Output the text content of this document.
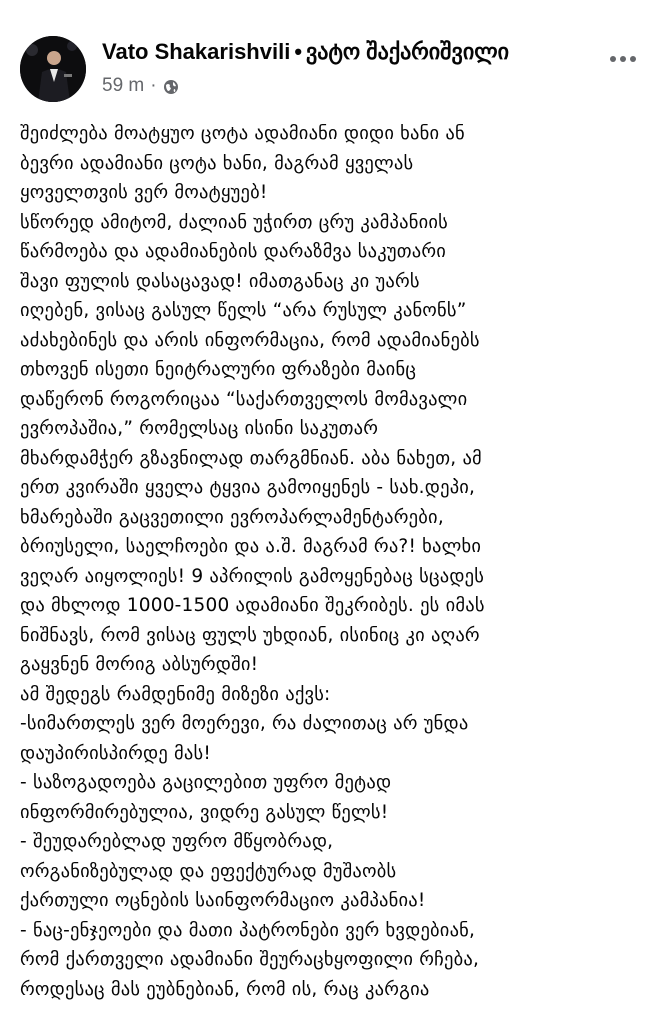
Vato Shakarishvili • ვატო შაქარიშვილი
59 m ·
შეიძლება მოატყუო ცოტა ადამიანი დიდი ხანი ან
ბევრი ადამიანი ცოტა ხანი, მაგრამ ყველას
ყოველთვის ვერ მოატყუებ!
სწორედ ამიტომ, ძალიან უჭირთ ცრუ კამპანიის
წარმოება და ადამიანების დარაზმვა საკუთარი
შავი ფულის დასაცავად! იმათგანაც კი უარს
იღებენ, ვისაც გასულ წელს “არა რუსულ კანონს”
აძახებინეს და არის ინფორმაცია, რომ ადამიანებს
თხოვენ ისეთი ნეიტრალური ფრაზები მაინც
დაწერონ როგორიცაა “საქართველოს მომავალი
ევროპაშია,” რომელსაც ისინი საკუთარ
მხარდამჭერ გზავნილად თარგმნიან. აბა ნახეთ, ამ
ერთ კვირაში ყველა ტყვია გამოიყენეს - სახ.დეპი,
ხმარებაში გაცვეთილი ევროპარლამენტარები,
ბრიუსელი, საელჩოები და ა.შ. მაგრამ რა?! ხალხი
ვეღარ აიყოლიეს! 9 აპრილის გამოყენებაც სცადეს
და მხლოდ 1000-1500 ადამიანი შეკრიბეს. ეს იმას
ნიშნავს, რომ ვისაც ფულს უხდიან, ისინიც კი აღარ
გაყვნენ მორიგ აბსურდში!
ამ შედეგს რამდენიმე მიზეზი აქვს:
-სიმართლეს ვერ მოერევი, რა ძალითაც არ უნდა
დაუპირისპირდე მას!
- საზოგადოება გაცილებით უფრო მეტად
ინფორმირებულია, ვიდრე გასულ წელს!
- შეუდარებლად უფრო მწყობრად,
ორგანიზებულად და ეფექტურად მუშაობს
ქართული ოცნების საინფორმაციო კამპანია!
- ნაც-ენჯეოები და მათი პატრონები ვერ ხვდებიან,
რომ ქართველი ადამიანი შეურაცხყოფილი რჩება,
როდესაც მას ეუბნებიან, რომ ის, რაც კარგია
